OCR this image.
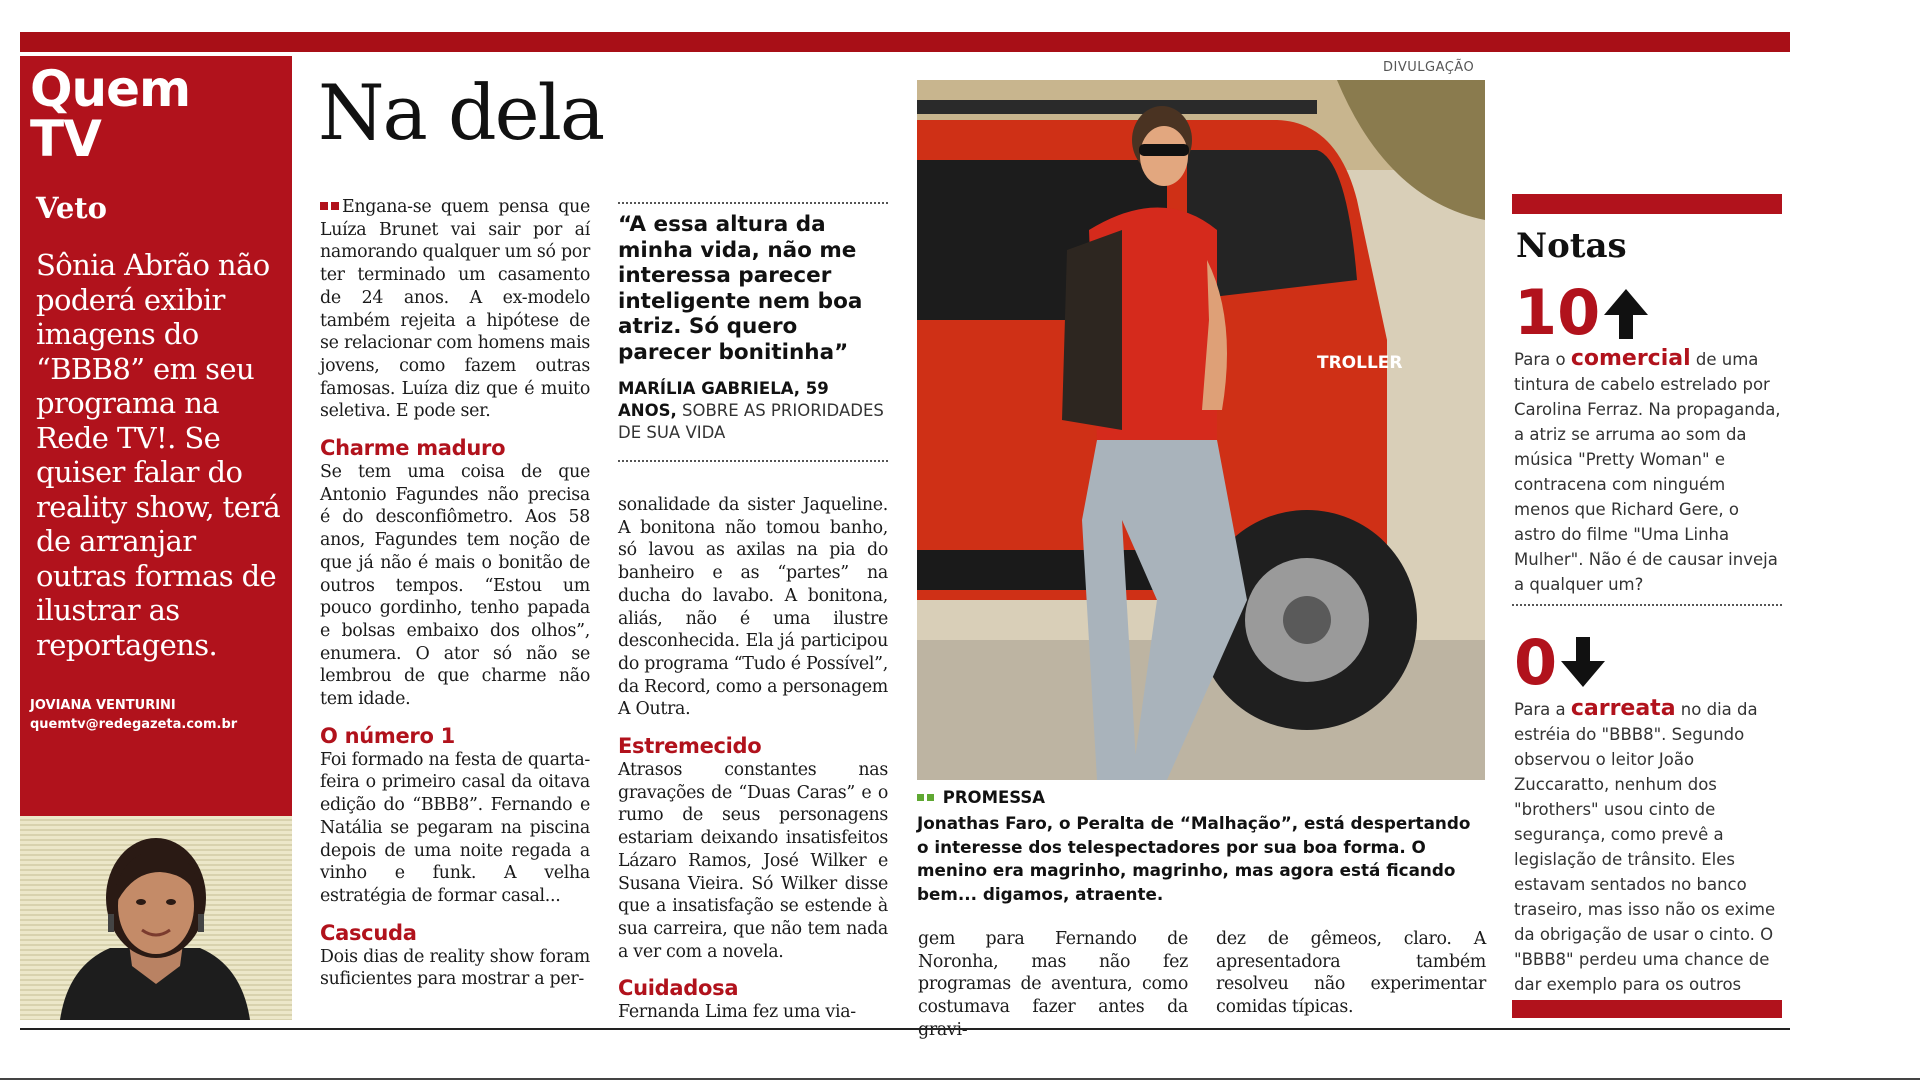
Quem
TV
Veto
Sônia Abrão não poderá exibir imagens do “BBB8” em seu programa na Rede TV!. Se quiser falar do reality show, terá de arranjar outras formas de ilustrar as reportagens.
JOVIANA VENTURINI
quemtv@redegazeta.com.br
Na dela

Engana-se quem pensa que Luíza Brunet vai sair por aí namorando qualquer um só por ter terminado um casamento de 24 anos. A ex-modelo também rejeita a hipótese de se relacionar com homens mais jovens, como fazem outras famosas. Luíza diz que é muito seletiva. E pode ser.

Charme maduro

Se tem uma coisa de que Antonio Fagundes não precisa é do desconfiômetro. Aos 58 anos, Fagundes tem noção de que já não é mais o bonitão de outros tempos. “Estou um pouco gordinho, tenho papada e bolsas embaixo dos olhos”, enumera. O ator só não se lembrou de que charme não tem idade.

O número 1

Foi formado na festa de quarta-feira o primeiro casal da oitava edição do “BBB8”. Fernando e Natália se pegaram na piscina depois de uma noite regada a vinho e funk. A velha estratégia de formar casal...

Cascuda

Dois dias de reality show foram suficientes para mostrar a per-

“A essa altura da minha vida, não me interessa parecer inteligente nem boa atriz. Só quero parecer bonitinha”
MARÍLIA GABRIELA, 59 ANOS, SOBRE AS PRIORIDADES DE SUA VIDA

sonalidade da sister Jaqueline. A bonitona não tomou banho, só lavou as axilas na pia do banheiro e as “partes” na ducha do lavabo. A bonitona, aliás, não é uma ilustre desconhecida. Ela já participou do programa “Tudo é Possível”, da Record, como a personagem A Outra.

Estremecido

Atrasos constantes nas gravações de “Duas Caras” e o rumo de seus personagens estariam deixando insatisfeitos Lázaro Ramos, José Wilker e Susana Vieira. Só Wilker disse que a insatisfação se estende à sua carreira, que não tem nada a ver com a novela.

Cuidadosa

Fernanda Lima fez uma via-

DIVULGAÇÃO
TROLLER
PROMESSA
Jonathas Faro, o Peralta de “Malhação”, está despertando o interesse dos telespectadores por sua boa forma. O menino era magrinho, magrinho, mas agora está ficando bem... digamos, atraente.
gem para Fernando de Noronha, mas não fez programas de aventura, como costumava fazer antes da
dez de gêmeos, claro. A apresentadora também resolveu não experimentar comidas típicas.
Notas
10

Para o comercial de uma tintura de cabelo estrelado por Carolina Ferraz. Na propaganda, a atriz se arruma ao som da música "Pretty Woman" e contracena com ninguém menos que Richard Gere, o astro do filme "Uma Linha Mulher". Não é de causar inveja a qualquer um?

0

Para a carreata no dia da estréia do "BBB8". Segundo observou o leitor João Zuccaratto, nenhum dos "brothers" usou cinto de segurança, como prevê a legislação de trânsito. Eles estavam sentados no banco traseiro, mas isso não os exime da obrigação de usar o cinto. O "BBB8" perdeu uma chance de dar exemplo para os outros
